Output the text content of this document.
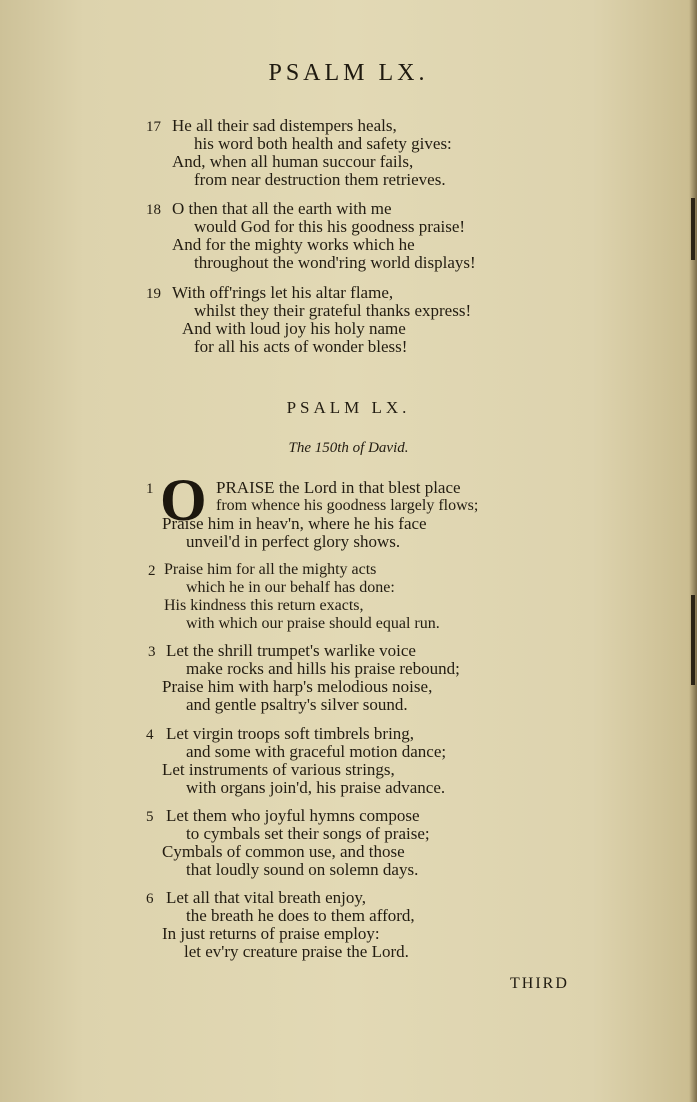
PSALM LX.
17 He all their sad distempers heals,
his word both health and safety gives:
And, when all human succour fails,
from near destruction them retrieves.
18 O then that all the earth with me
would God for this his goodness praise!
And for the mighty works which he
throughout the wond'ring world displays!
19 With off'rings let his altar flame,
whilst they their grateful thanks express!
And with loud joy his holy name
for all his acts of wonder bless!
PSALM LX.
The 150th of David.
O
1	PRAISE the Lord in that blest place
from whence his goodness largely flows;
Praise him in heav'n, where he his face
unveil'd in perfect glory shows.
2 Praise him for all the mighty acts
which he in our behalf has done:
His kindness this return exacts,
with which our praise should equal run.
3 Let the shrill trumpet's warlike voice
make rocks and hills his praise rebound;
Praise him with harp's melodious noise,
and gentle psaltry's silver sound.
4 Let virgin troops soft timbrels bring,
and some with graceful motion dance;
Let instruments of various strings,
with organs join'd, his praise advance.
5 Let them who joyful hymns compose
to cymbals set their songs of praise;
Cymbals of common use, and those
that loudly sound on solemn days.
6 Let all that vital breath enjoy,
the breath he does to them afford,
In just returns of praise employ:
let ev'ry creature praise the Lord.
THIRD
